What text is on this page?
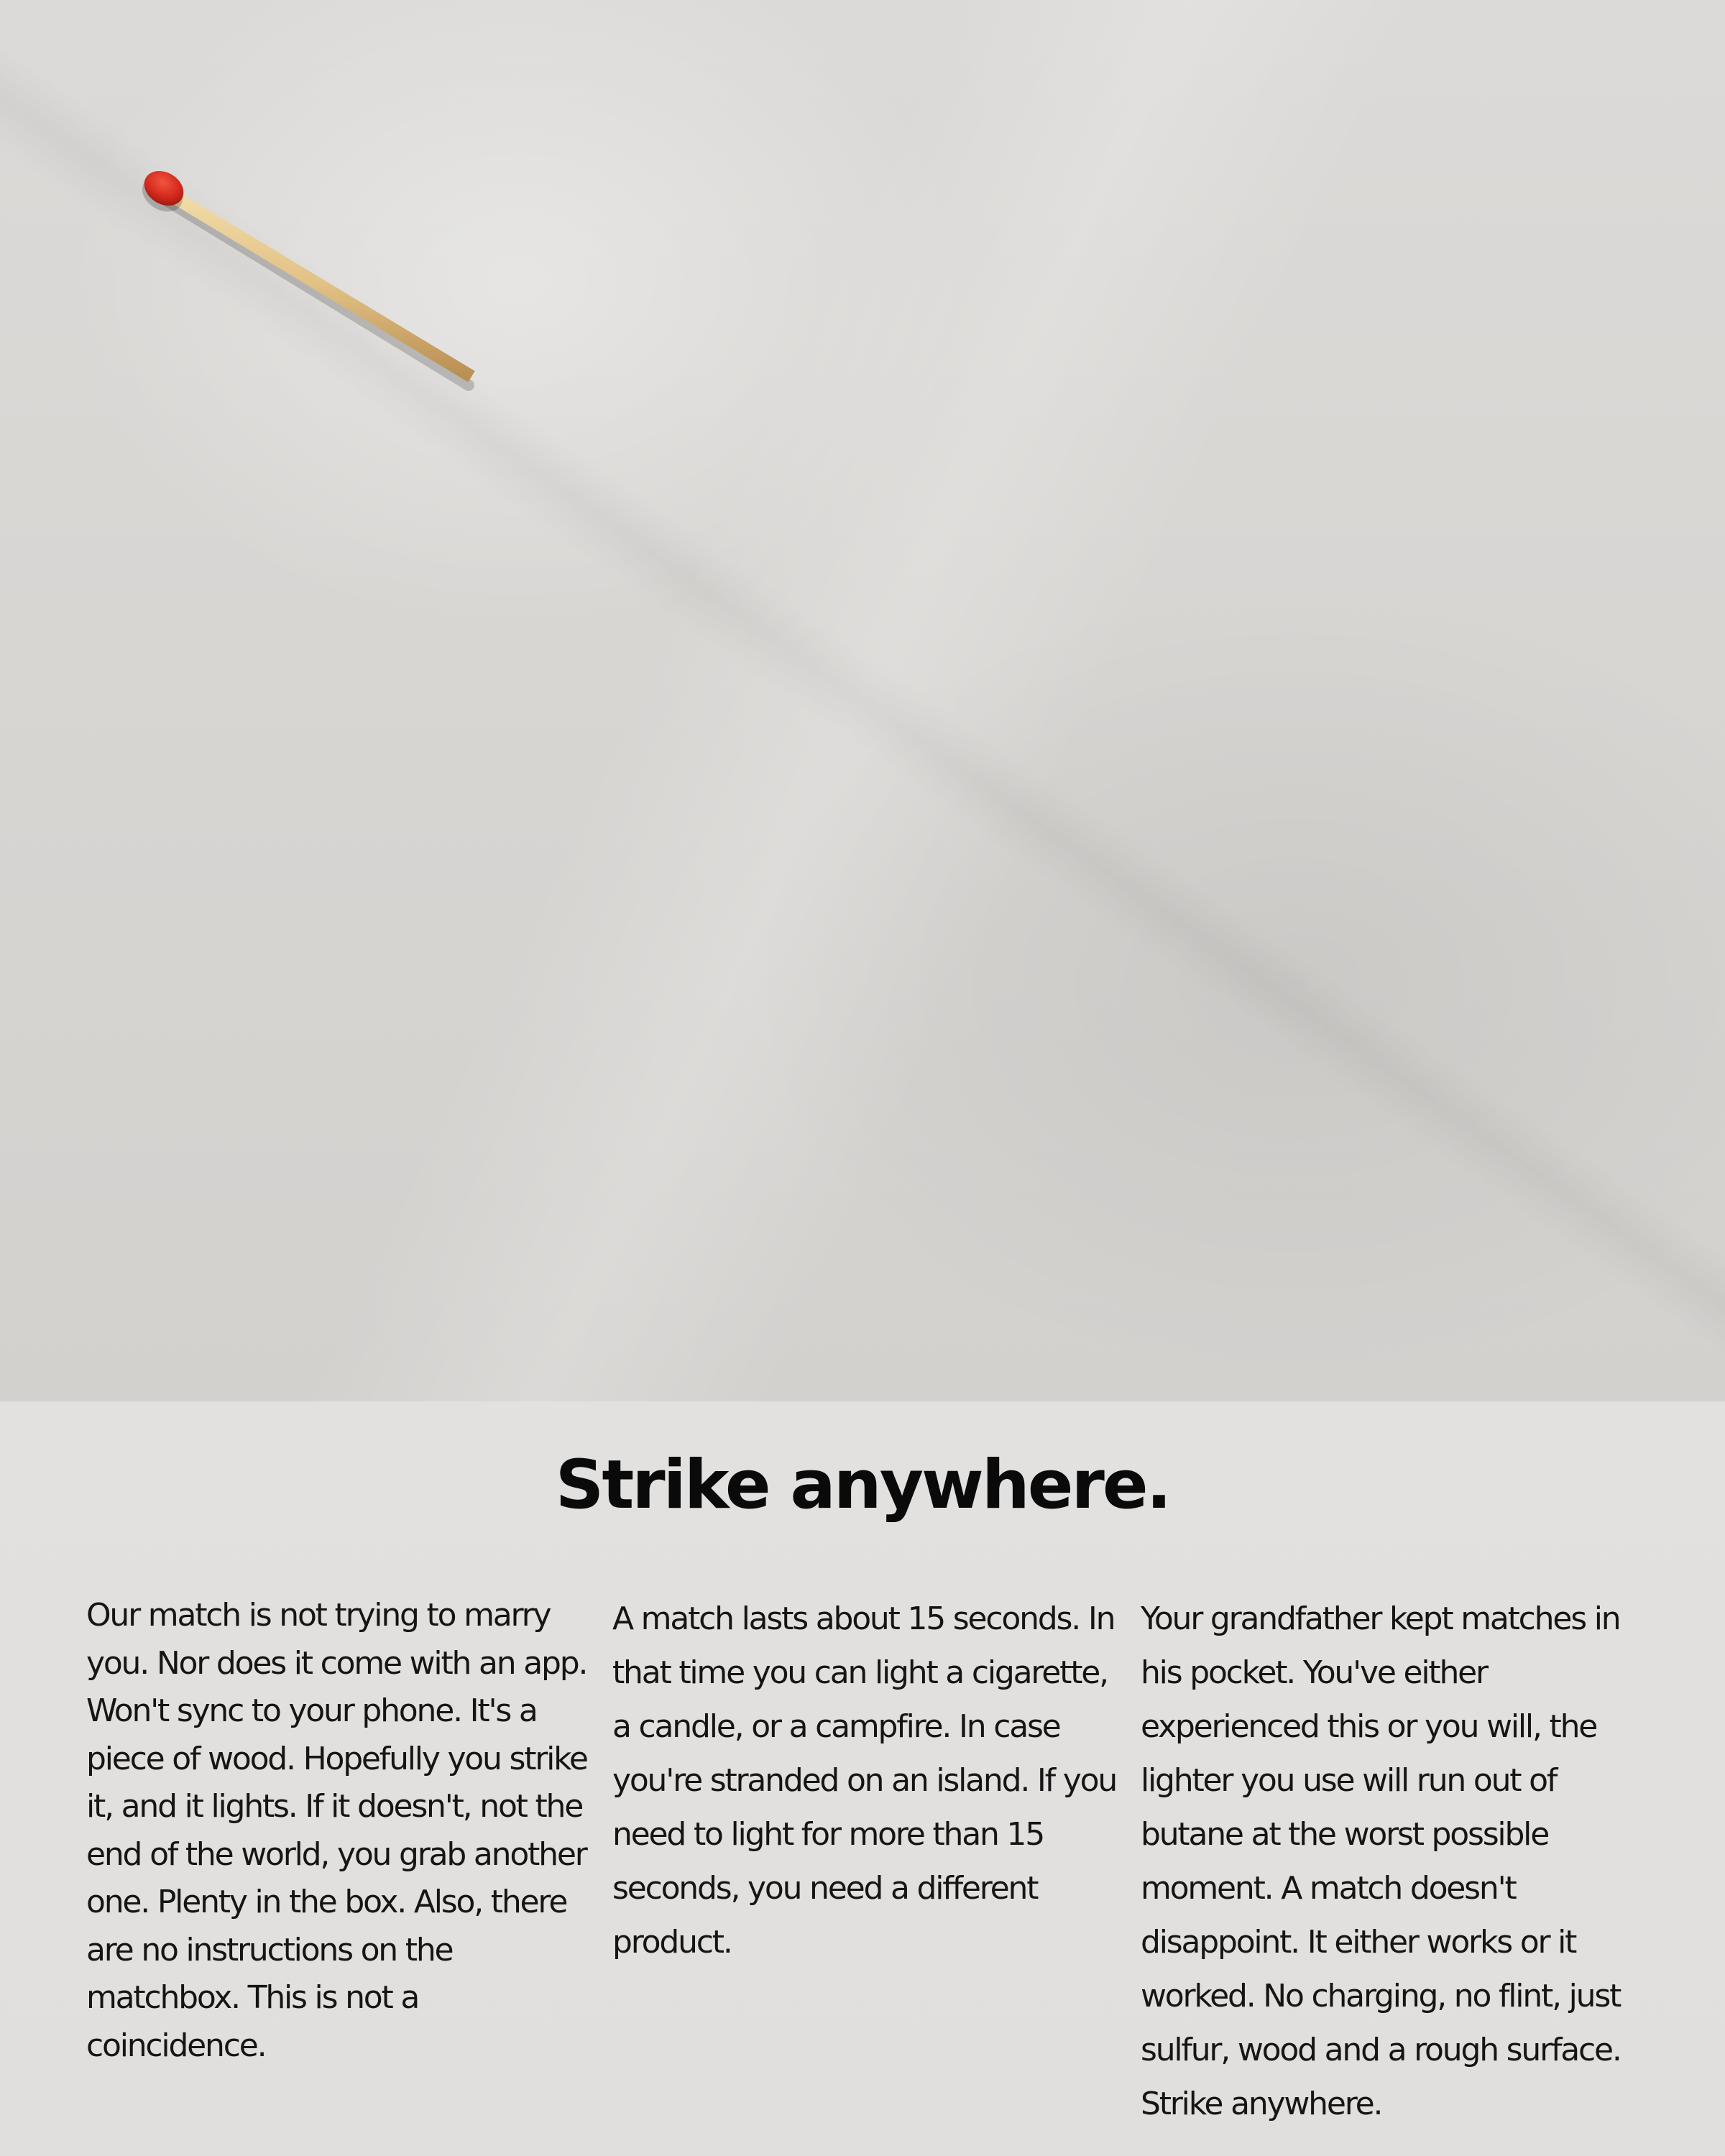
Strike anywhere.

Our match is not trying to marry you. Nor does it come with an app. Won't sync to your phone. It's a piece of wood. Hopefully you strike it, and it lights. If it doesn't, not the end of the world, you grab another one. Plenty in the box. Also, there are no instructions on the matchbox. This is not a coincidence.

A match lasts about 15 seconds. In that time you can light a cigarette, a candle, or a campfire. In case you're stranded on an island. If you need to light for more than 15 seconds, you need a different product.

Your grandfather kept matches in his pocket. You've either experienced this or you will, the lighter you use will run out of butane at the worst possible moment. A match doesn't disappoint. It either works or it worked. No charging, no flint, just sulfur, wood and a rough surface. Strike anywhere.
